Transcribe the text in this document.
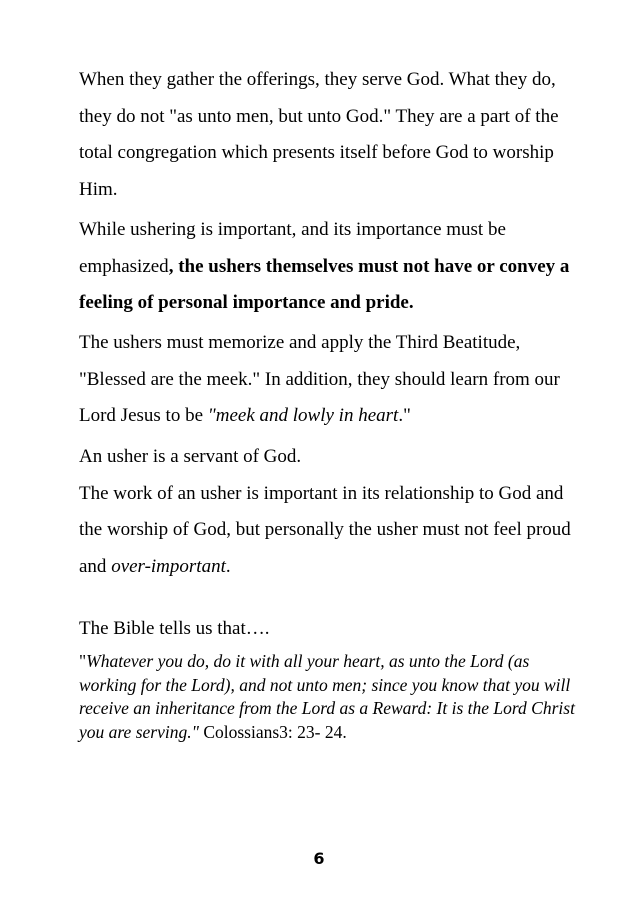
When they gather the offerings, they serve God. What they do, they do not "as unto men, but unto God." They are a part of the total congregation which presents itself before God to worship Him.

While ushering is important, and its importance must be emphasized, the ushers themselves must not have or convey a feeling of personal importance and pride.

The ushers must memorize and apply the Third Beatitude, "Blessed are the meek." In addition, they should learn from our Lord Jesus to be "meek and lowly in heart."

An usher is a servant of God.
The work of an usher is important in its relationship to God and the worship of God, but personally the usher must not feel proud and over-important.

The Bible tells us that….

"Whatever you do, do it with all your heart, as unto the Lord (as working for the Lord), and not unto men; since you know that you will receive an inheritance from the Lord as a Reward: It is the Lord Christ you are serving." Colossians3: 23- 24.

6
